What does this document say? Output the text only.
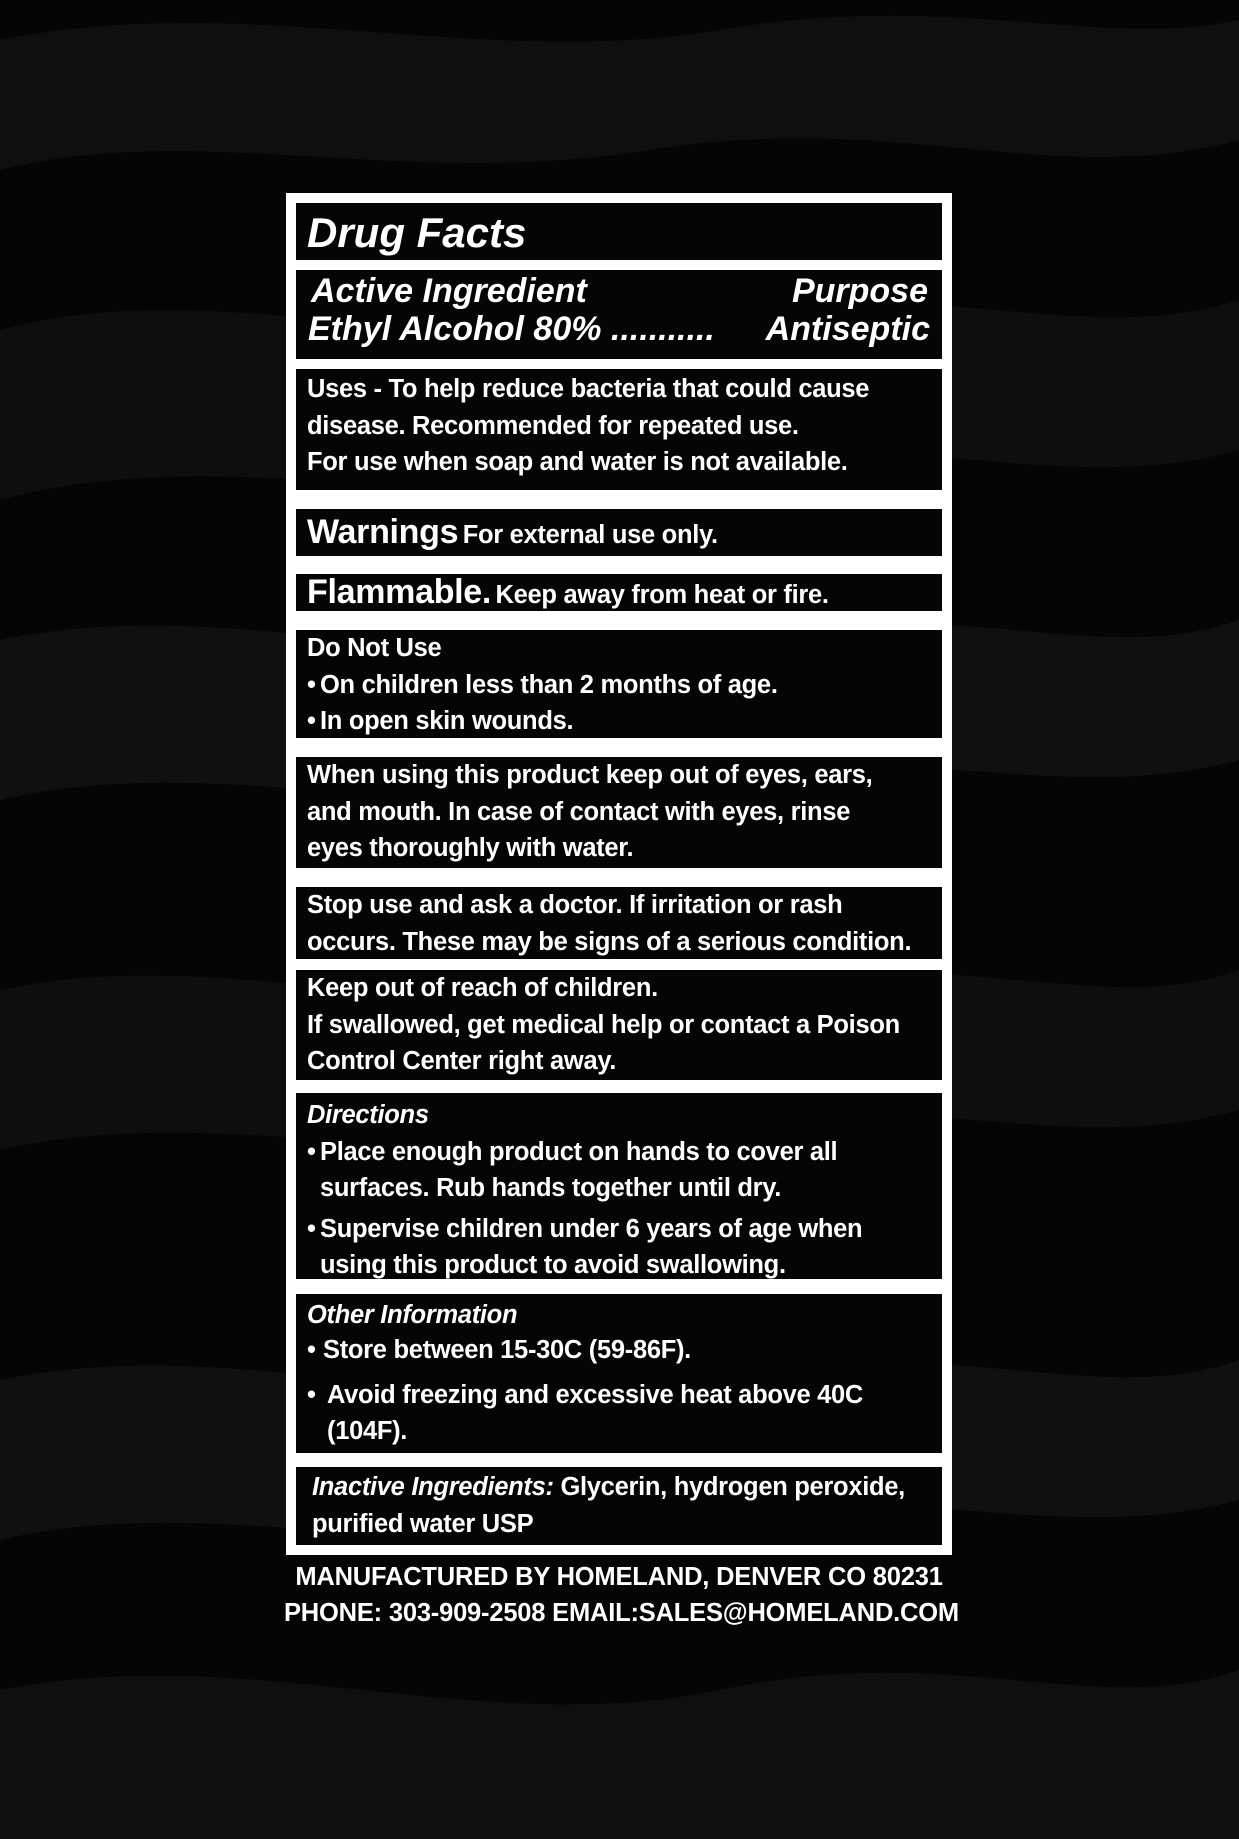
Drug Facts
Active Ingredient	Purpose
Ethyl Alcohol 80% ........... Antiseptic
Uses - To help reduce bacteria that could cause
disease. Recommended for repeated use.
For use when soap and water is not available.
Warnings For external use only.
Flammable. Keep away from heat or fire.
Do Not Use
• On children less than 2 months of age.
• In open skin wounds.
When using this product keep out of eyes, ears,
and mouth. In case of contact with eyes, rinse
eyes thoroughly with water.
Stop use and ask a doctor. If irritation or rash
occurs. These may be signs of a serious condition.
Keep out of reach of children.
If swallowed, get medical help or contact a Poison
Control Center right away.
Directions
• Place enough product on hands to cover all surfaces. Rub hands together until dry.
• Supervise children under 6 years of age when using this product to avoid swallowing.
Other Information
• Store between 15-30C (59-86F).
• Avoid freezing and excessive heat above 40C (104F).
Inactive Ingredients: Glycerin, hydrogen peroxide,
purified water USP
MANUFACTURED BY HOMELAND, DENVER CO 80231
PHONE: 303-909-2508 EMAIL:SALES@HOMELAND.COM
